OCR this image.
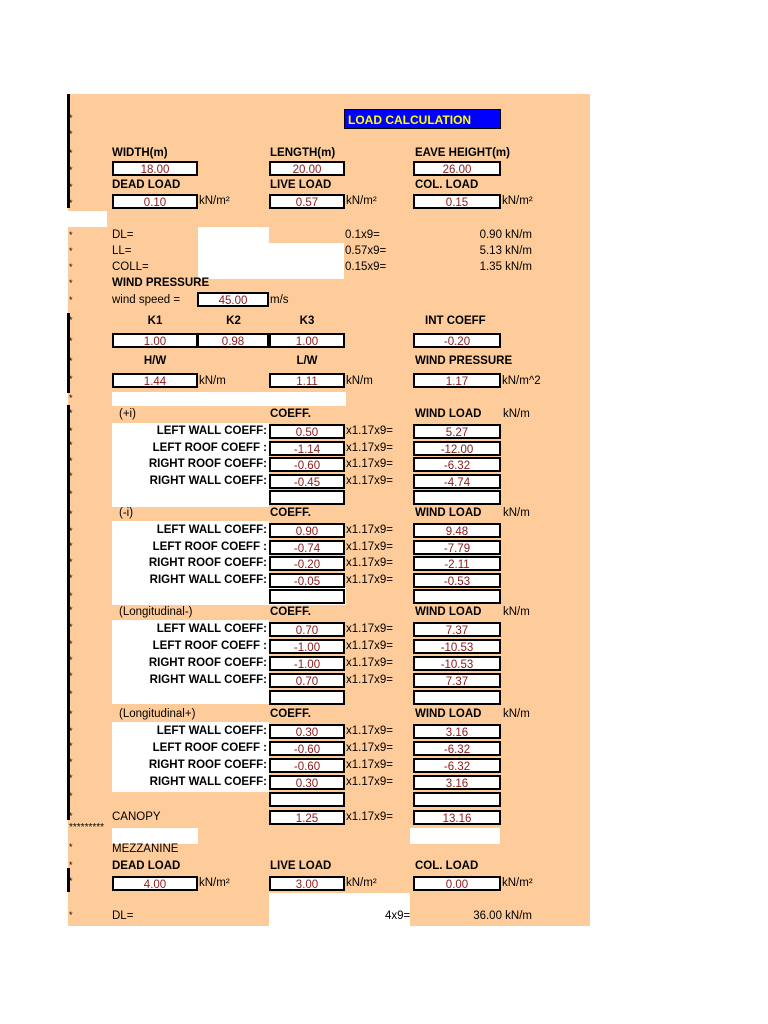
LOAD CALCULATION
*
*
*
*
*
*
*
*
*
*
*
*
*
*
*
*
*
*
*
*
*
*
*
*
*
*
*
*
*
*
*
*
*
*
*
*
*
*
*
*
*
*
*
*
*
WIDTH(m)	LENGTH(m)	EAVE HEIGHT(m)
18.00	20.00	26.00
DEAD LOAD	LIVE LOAD	COL. LOAD
0.10	kN/m²	0.57	kN/m²	0.15	kN/m²
DL=	0.1x9=	0.90 kN/m
LL=	0.57x9=	5.13 kN/m
COLL=	0.15x9=	1.35 kN/m
WIND PRESSURE
wind speed =	45.00	m/s
K1	K2	K3	INT COEFF
1.00	0.98	1.00	-0.20
H/W	L/W	WIND PRESSURE
1.44	kN/m	1.11	kN/m	1.17	kN/m^2
(+i)	COEFF.	WIND LOAD kN/m
LEFT WALL COEFF:	0.50	x1.17x9=	5.27
LEFT ROOF COEFF :	-1.14	x1.17x9=	-12.00
RIGHT ROOF COEFF:	-0.60	x1.17x9=	-6.32
RIGHT WALL COEFF:	-0.45	x1.17x9=	-4.74
(-i)	COEFF.	WIND LOAD kN/m
LEFT WALL COEFF:	0.90	x1.17x9=	9.48
LEFT ROOF COEFF :	-0.74	x1.17x9=	-7.79
RIGHT ROOF COEFF:	-0.20	x1.17x9=	-2.11
RIGHT WALL COEFF:	-0.05	x1.17x9=	-0.53
(Longitudinal-)	COEFF.	WIND LOAD kN/m
LEFT WALL COEFF:	0.70	x1.17x9=	7.37
LEFT ROOF COEFF :	-1.00	x1.17x9=	-10.53
RIGHT ROOF COEFF:	-1.00	x1.17x9=	-10.53
RIGHT WALL COEFF:	0.70	x1.17x9=	7.37
(Longitudinal+)	COEFF.	WIND LOAD kN/m
LEFT WALL COEFF:	0.30	x1.17x9=	3.16
LEFT ROOF COEFF :	-0.60	x1.17x9=	-6.32
RIGHT ROOF COEFF:	-0.60	x1.17x9=	-6.32
RIGHT WALL COEFF:	0.30	x1.17x9=	3.16
CANOPY	1.25	x1.17x9=	13.16
*********
MEZZANINE
DEAD LOAD	LIVE LOAD	COL. LOAD
4.00	kN/m²	3.00	kN/m²	0.00	kN/m²
DL=	4x9=	36.00 kN/m
